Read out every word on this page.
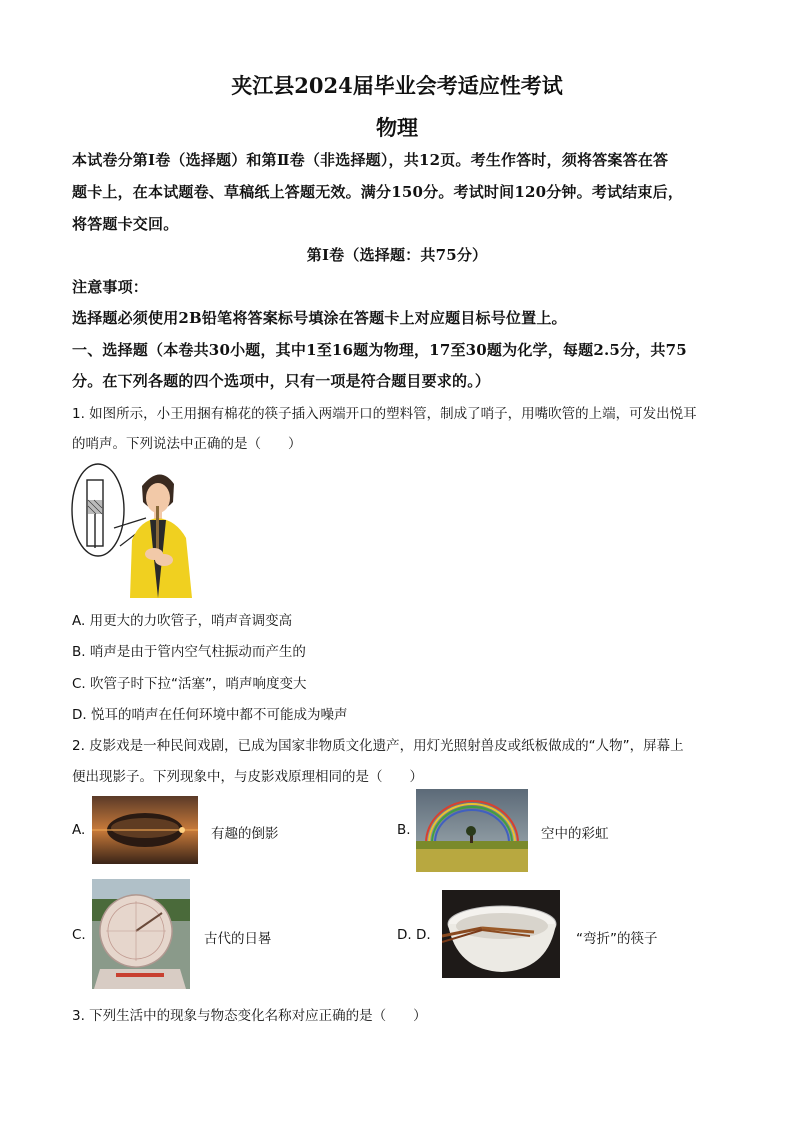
夹江县2024届毕业会考适应性考试
物理
本试卷分第Ⅰ卷（选择题）和第Ⅱ卷（非选择题），共12页。考生作答时，须将答案答在答
题卡上，在本试题卷、草稿纸上答题无效。满分150分。考试时间120分钟。考试结束后，
将答题卡交回。
第Ⅰ卷（选择题：共75分）
注意事项：
选择题必须使用2B铅笔将答案标号填涂在答题卡上对应题目标号位置上。
一、选择题（本卷共30小题，其中1至16题为物理，17至30题为化学，每题2.5分，共75
分。在下列各题的四个选项中，只有一项是符合题目要求的。）
1. 如图所示，小王用捆有棉花的筷子插入两端开口的塑料管，制成了哨子，用嘴吹管的上端，可发出悦耳
的哨声。下列说法中正确的是（　　）
A. 用更大的力吹管子，哨声音调变高
B. 哨声是由于管内空气柱振动而产生的
C. 吹管子时下拉“活塞”，哨声响度变大
D. 悦耳的哨声在任何环境中都不可能成为噪声
2. 皮影戏是一种民间戏剧，已成为国家非物质文化遗产，用灯光照射兽皮或纸板做成的“人物”，屏幕上
便出现影子。下列现象中，与皮影戏原理相同的是（　　）
A.	有趣的倒影	B.	空中的彩虹
C.	古代的日晷	D. D.	“弯折”的筷子
3. 下列生活中的现象与物态变化名称对应正确的是（　　）
